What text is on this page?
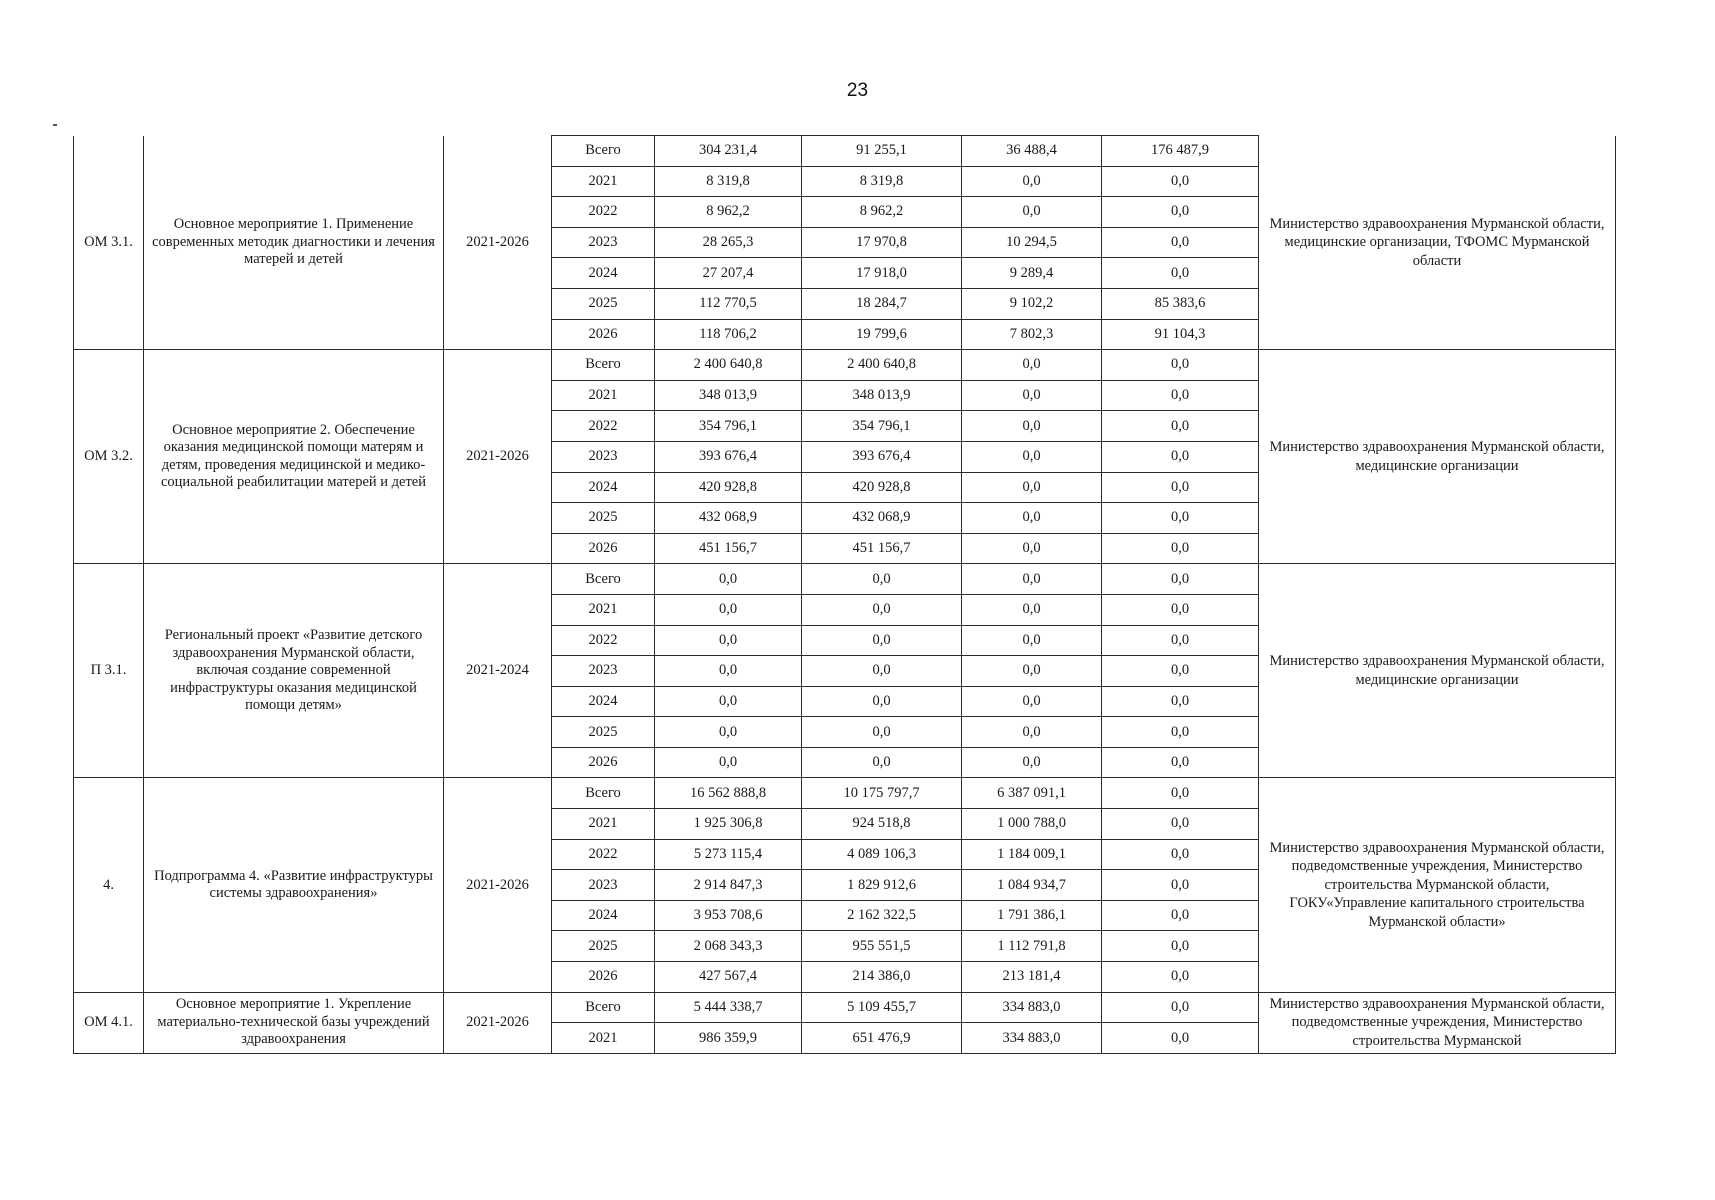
23
ОМ 3.1.	Основное мероприятие 1. Применение современных методик диагностики и лечения матерей и детей	2021-2026	Всего	304 231,4	91 255,1	36 488,4	176 487,9	Министерство здравоохранения Мурманской области, медицинские организации, ТФОМС Мурманской области
			2021	8 319,8	8 319,8	0,0	0,0	
			2022	8 962,2	8 962,2	0,0	0,0	
			2023	28 265,3	17 970,8	10 294,5	0,0	
			2024	27 207,4	17 918,0	9 289,4	0,0	
			2025	112 770,5	18 284,7	9 102,2	85 383,6	
			2026	118 706,2	19 799,6	7 802,3	91 104,3	
ОМ 3.2.	Основное мероприятие 2. Обеспечение оказания медицинской помощи матерям и детям, проведения медицинской и медико-социальной реабилитации матерей и детей	2021-2026	Всего	2 400 640,8	2 400 640,8	0,0	0,0	Министерство здравоохранения Мурманской области, медицинские организации
			2021	348 013,9	348 013,9	0,0	0,0	
			2022	354 796,1	354 796,1	0,0	0,0	
			2023	393 676,4	393 676,4	0,0	0,0	
			2024	420 928,8	420 928,8	0,0	0,0	
			2025	432 068,9	432 068,9	0,0	0,0	
			2026	451 156,7	451 156,7	0,0	0,0	
П 3.1.	Региональный проект «Развитие детского здравоохранения Мурманской области, включая создание современной инфраструктуры оказания медицинской помощи детям»	2021-2024	Всего	0,0	0,0	0,0	0,0	Министерство здравоохранения Мурманской области, медицинские организации
			2021	0,0	0,0	0,0	0,0	
			2022	0,0	0,0	0,0	0,0	
			2023	0,0	0,0	0,0	0,0	
			2024	0,0	0,0	0,0	0,0	
			2025	0,0	0,0	0,0	0,0	
			2026	0,0	0,0	0,0	0,0	
4.	Подпрограмма 4. «Развитие инфраструктуры системы здравоохранения»	2021-2026	Всего	16 562 888,8	10 175 797,7	6 387 091,1	0,0	Министерство здравоохранения Мурманской области, подведомственные учреждения, Министерство строительства Мурманской области, ГОКУ«Управление капитального строительства Мурманской области»
			2021	1 925 306,8	924 518,8	1 000 788,0	0,0	
			2022	5 273 115,4	4 089 106,3	1 184 009,1	0,0	
			2023	2 914 847,3	1 829 912,6	1 084 934,7	0,0	
			2024	3 953 708,6	2 162 322,5	1 791 386,1	0,0	
			2025	2 068 343,3	955 551,5	1 112 791,8	0,0	
			2026	427 567,4	214 386,0	213 181,4	0,0	
ОМ 4.1.	Основное мероприятие 1. Укрепление материально-технической базы учреждений здравоохранения	2021-2026	Всего	5 444 338,7	5 109 455,7	334 883,0	0,0	Министерство здравоохранения Мурманской области, подведомственные учреждения, Министерство строительства Мурманской
			2021	986 359,9	651 476,9	334 883,0	0,0	
